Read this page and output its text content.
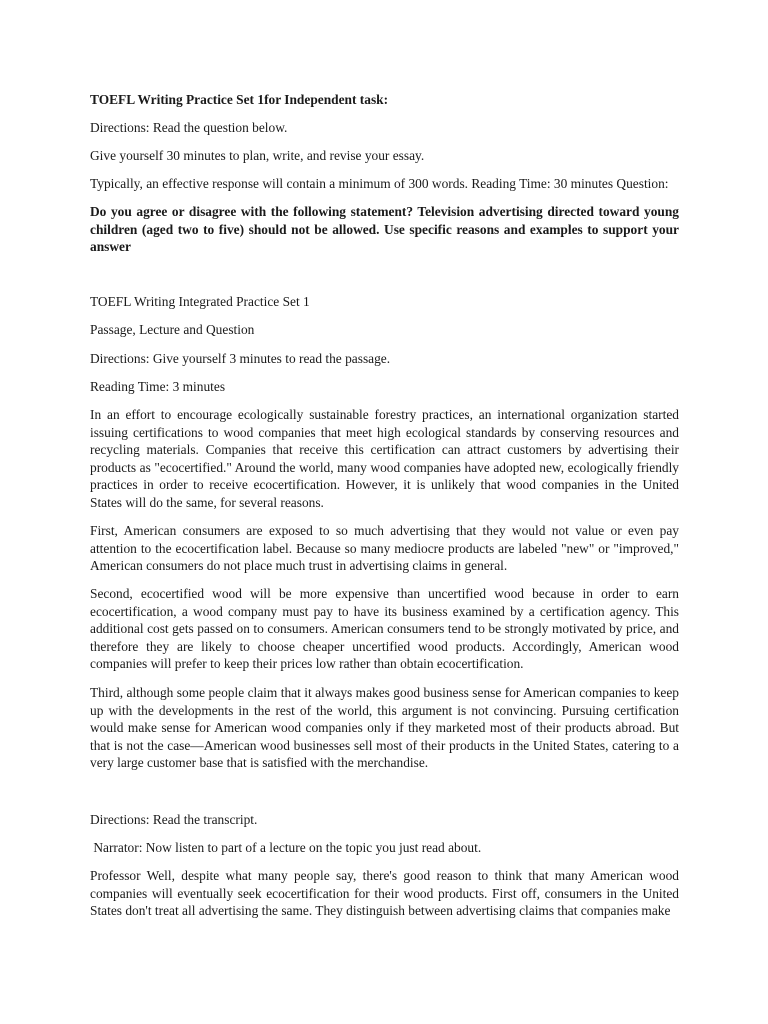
TOEFL Writing Practice Set 1for Independent task:

Directions: Read the question below.

Give yourself 30 minutes to plan, write, and revise your essay.

Typically, an effective response will contain a minimum of 300 words. Reading Time: 30 minutes Question:

Do you agree or disagree with the following statement? Television advertising directed toward young children (aged two to five) should not be allowed. Use specific reasons and examples to support your answer

TOEFL Writing Integrated Practice Set 1

Passage, Lecture and Question

Directions: Give yourself 3 minutes to read the passage.

Reading Time: 3 minutes

In an effort to encourage ecologically sustainable forestry practices, an international organization started issuing certifications to wood companies that meet high ecological standards by conserving resources and recycling materials. Companies that receive this certification can attract customers by advertising their products as "ecocertified." Around the world, many wood companies have adopted new, ecologically friendly practices in order to receive ecocertification. However, it is unlikely that wood companies in the United States will do the same, for several reasons.

First, American consumers are exposed to so much advertising that they would not value or even pay attention to the ecocertification label. Because so many mediocre products are labeled "new" or "improved," American consumers do not place much trust in advertising claims in general.

Second, ecocertified wood will be more expensive than uncertified wood because in order to earn ecocertification, a wood company must pay to have its business examined by a certification agency. This additional cost gets passed on to consumers. American consumers tend to be strongly motivated by price, and therefore they are likely to choose cheaper uncertified wood products. Accordingly, American wood companies will prefer to keep their prices low rather than obtain ecocertification.

Third, although some people claim that it always makes good business sense for American companies to keep up with the developments in the rest of the world, this argument is not convincing. Pursuing certification would make sense for American wood companies only if they marketed most of their products abroad. But that is not the case—American wood businesses sell most of their products in the United States, catering to a very large customer base that is satisfied with the merchandise.

Directions: Read the transcript.

Narrator: Now listen to part of a lecture on the topic you just read about.

Professor Well, despite what many people say, there's good reason to think that many American wood companies will eventually seek ecocertification for their wood products. First off, consumers in the United States don't treat all advertising the same. They distinguish between advertising claims that companies make
